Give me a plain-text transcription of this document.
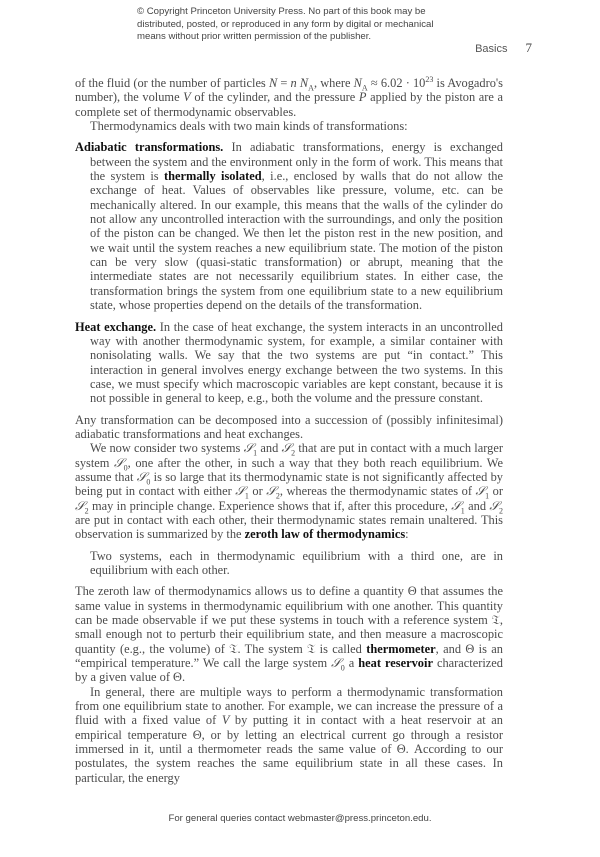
© Copyright Princeton University Press. No part of this book may be
distributed, posted, or reproduced in any form by digital or mechanical
means without prior written permission of the publisher.
Basics 7

of the fluid (or the number of particles N = n $N_A$, where $N_A \approx 6.02 \cdot 10^{23}$ is Avogadro's number), the volume V of the cylinder, and the pressure P applied by the piston are a complete set of thermodynamic observables.

Thermodynamics deals with two main kinds of transformations:

Adiabatic transformations. In adiabatic transformations, energy is exchanged between the system and the environment only in the form of work. This means that the system is thermally isolated, i.e., enclosed by walls that do not allow the exchange of heat. Values of observables like pressure, volume, etc. can be mechanically altered. In our example, this means that the walls of the cylinder do not allow any uncontrolled interaction with the surroundings, and only the position of the piston can be changed. We then let the piston rest in the new position, and we wait until the system reaches a new equilibrium state. The motion of the piston can be very slow (quasi-static transformation) or abrupt, meaning that the intermediate states are not necessarily equilibrium states. In either case, the transformation brings the system from one equilibrium state to a new equilibrium state, whose properties depend on the details of the transformation.

Heat exchange. In the case of heat exchange, the system interacts in an uncontrolled way with another thermodynamic system, for example, a similar container with nonisolating walls. We say that the two systems are put “in contact.” This interaction in general involves energy exchange between the two systems. In this case, we must specify which macroscopic variables are kept constant, because it is not possible in general to keep, e.g., both the volume and the pressure constant.

Any transformation can be decomposed into a succession of (possibly infinitesimal) adiabatic transformations and heat exchanges.

We now consider two systems 𝒮$_1$ and 𝒮$_2$ that are put in contact with a much larger system 𝒮$_0$, one after the other, in such a way that they both reach equilibrium. We assume that 𝒮$_0$ is so large that its thermodynamic state is not significantly affected by being put in contact with either 𝒮$_1$ or 𝒮$_2$, whereas the thermodynamic states of 𝒮$_1$ or 𝒮$_2$ may in principle change. Experience shows that if, after this procedure, 𝒮$_1$ and 𝒮$_2$ are put in contact with each other, their thermodynamic states remain unaltered. This observation is summarized by the zeroth law of thermodynamics:

Two systems, each in thermodynamic equilibrium with a third one, are in equilibrium with each other.

The zeroth law of thermodynamics allows us to define a quantity Θ that assumes the same value in systems in thermodynamic equilibrium with one another. This quantity can be made observable if we put these systems in touch with a reference system 𝔗, small enough not to perturb their equilibrium state, and then measure a macroscopic quantity (e.g., the volume) of 𝔗. The system 𝔗 is called thermometer, and Θ is an “empirical temperature.” We call the large system 𝒮$_0$ a heat reservoir characterized by a given value of Θ.

In general, there are multiple ways to perform a thermodynamic transformation from one equilibrium state to another. For example, we can increase the pressure of a fluid with a fixed value of V by putting it in contact with a heat reservoir at an empirical temperature Θ, or by letting an electrical current go through a resistor immersed in it, until a thermometer reads the same value of Θ. According to our postulates, the system reaches the same equilibrium state in all these cases. In particular, the energy

For general queries contact webmaster@press.princeton.edu.
